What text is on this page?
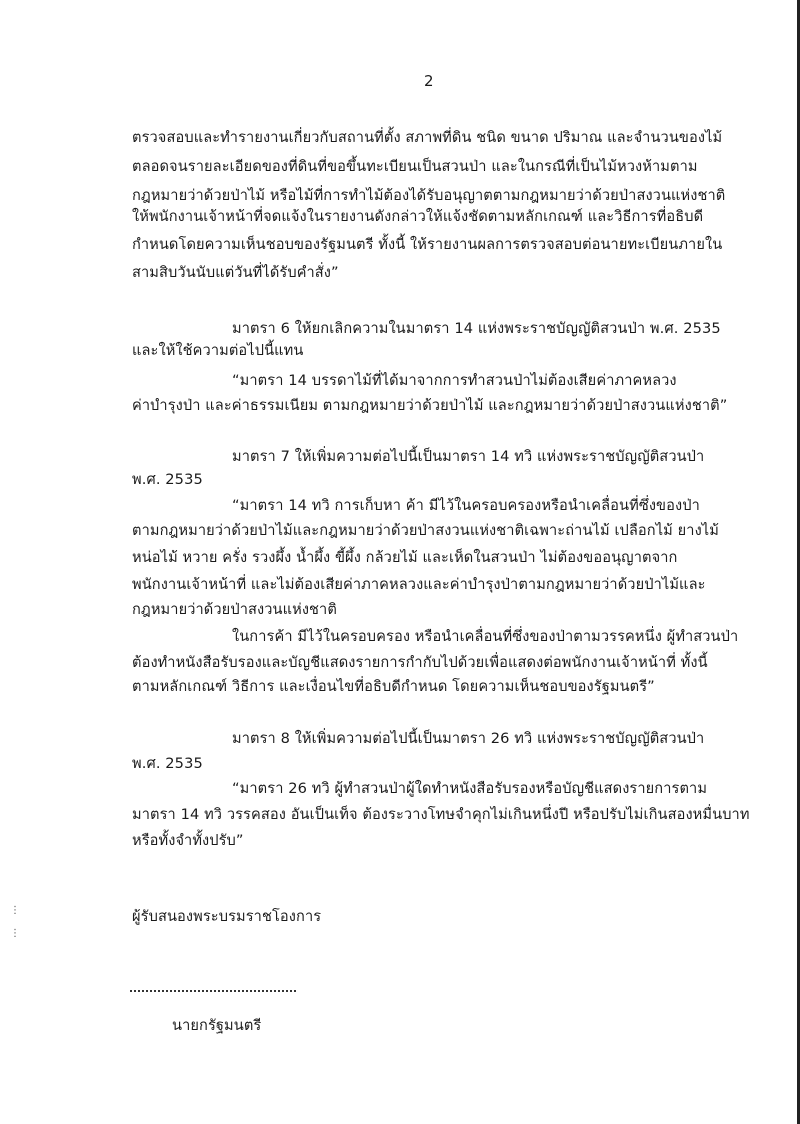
2
ตรวจสอบและทำรายงานเกี่ยวกับสถานที่ตั้ง สภาพที่ดิน ชนิด ขนาด ปริมาณ และจำนวนของไม้
ตลอดจนรายละเอียดของที่ดินที่ขอขึ้นทะเบียนเป็นสวนป่า และในกรณีที่เป็นไม้หวงห้ามตาม
กฎหมายว่าด้วยป่าไม้ หรือไม้ที่การทำไม้ต้องได้รับอนุญาตตามกฎหมายว่าด้วยป่าสงวนแห่งชาติ
ให้พนักงานเจ้าหน้าที่จดแจ้งในรายงานดังกล่าวให้แจ้งชัดตามหลักเกณฑ์ และวิธีการที่อธิบดี
กำหนดโดยความเห็นชอบของรัฐมนตรี ทั้งนี้ ให้รายงานผลการตรวจสอบต่อนายทะเบียนภายใน
สามสิบวันนับแต่วันที่ได้รับคำสั่ง”
มาตรา 6 ให้ยกเลิกความในมาตรา 14 แห่งพระราชบัญญัติสวนป่า พ.ศ. 2535
และให้ใช้ความต่อไปนี้แทน
“มาตรา 14 บรรดาไม้ที่ได้มาจากการทำสวนป่าไม่ต้องเสียค่าภาคหลวง
ค่าบำรุงป่า และค่าธรรมเนียม ตามกฎหมายว่าด้วยป่าไม้ และกฎหมายว่าด้วยป่าสงวนแห่งชาติ”
มาตรา 7 ให้เพิ่มความต่อไปนี้เป็นมาตรา 14 ทวิ แห่งพระราชบัญญัติสวนป่า
พ.ศ. 2535
“มาตรา 14 ทวิ การเก็บหา ค้า มีไว้ในครอบครองหรือนำเคลื่อนที่ซึ่งของป่า
ตามกฎหมายว่าด้วยป่าไม้และกฎหมายว่าด้วยป่าสงวนแห่งชาติเฉพาะถ่านไม้ เปลือกไม้ ยางไม้
หน่อไม้ หวาย ครั่ง รวงผึ้ง น้ำผึ้ง ขี้ผึ้ง กล้วยไม้ และเห็ดในสวนป่า ไม่ต้องขออนุญาตจาก
พนักงานเจ้าหน้าที่ และไม่ต้องเสียค่าภาคหลวงและค่าบำรุงป่าตามกฎหมายว่าด้วยป่าไม้และ
กฎหมายว่าด้วยป่าสงวนแห่งชาติ
ในการค้า มีไว้ในครอบครอง หรือนำเคลื่อนที่ซึ่งของป่าตามวรรคหนึ่ง ผู้ทำสวนป่า
ต้องทำหนังสือรับรองและบัญชีแสดงรายการกำกับไปด้วยเพื่อแสดงต่อพนักงานเจ้าหน้าที่ ทั้งนี้
ตามหลักเกณฑ์ วิธีการ และเงื่อนไขที่อธิบดีกำหนด โดยความเห็นชอบของรัฐมนตรี”
มาตรา 8 ให้เพิ่มความต่อไปนี้เป็นมาตรา 26 ทวิ แห่งพระราชบัญญัติสวนป่า
พ.ศ. 2535
“มาตรา 26 ทวิ ผู้ทำสวนป่าผู้ใดทำหนังสือรับรองหรือบัญชีแสดงรายการตาม
มาตรา 14 ทวิ วรรคสอง อันเป็นเท็จ ต้องระวางโทษจำคุกไม่เกินหนึ่งปี หรือปรับไม่เกินสองหมื่นบาท
หรือทั้งจำทั้งปรับ”
ผู้รับสนองพระบรมราชโองการ
นายกรัฐมนตรี
⋮
⋮
